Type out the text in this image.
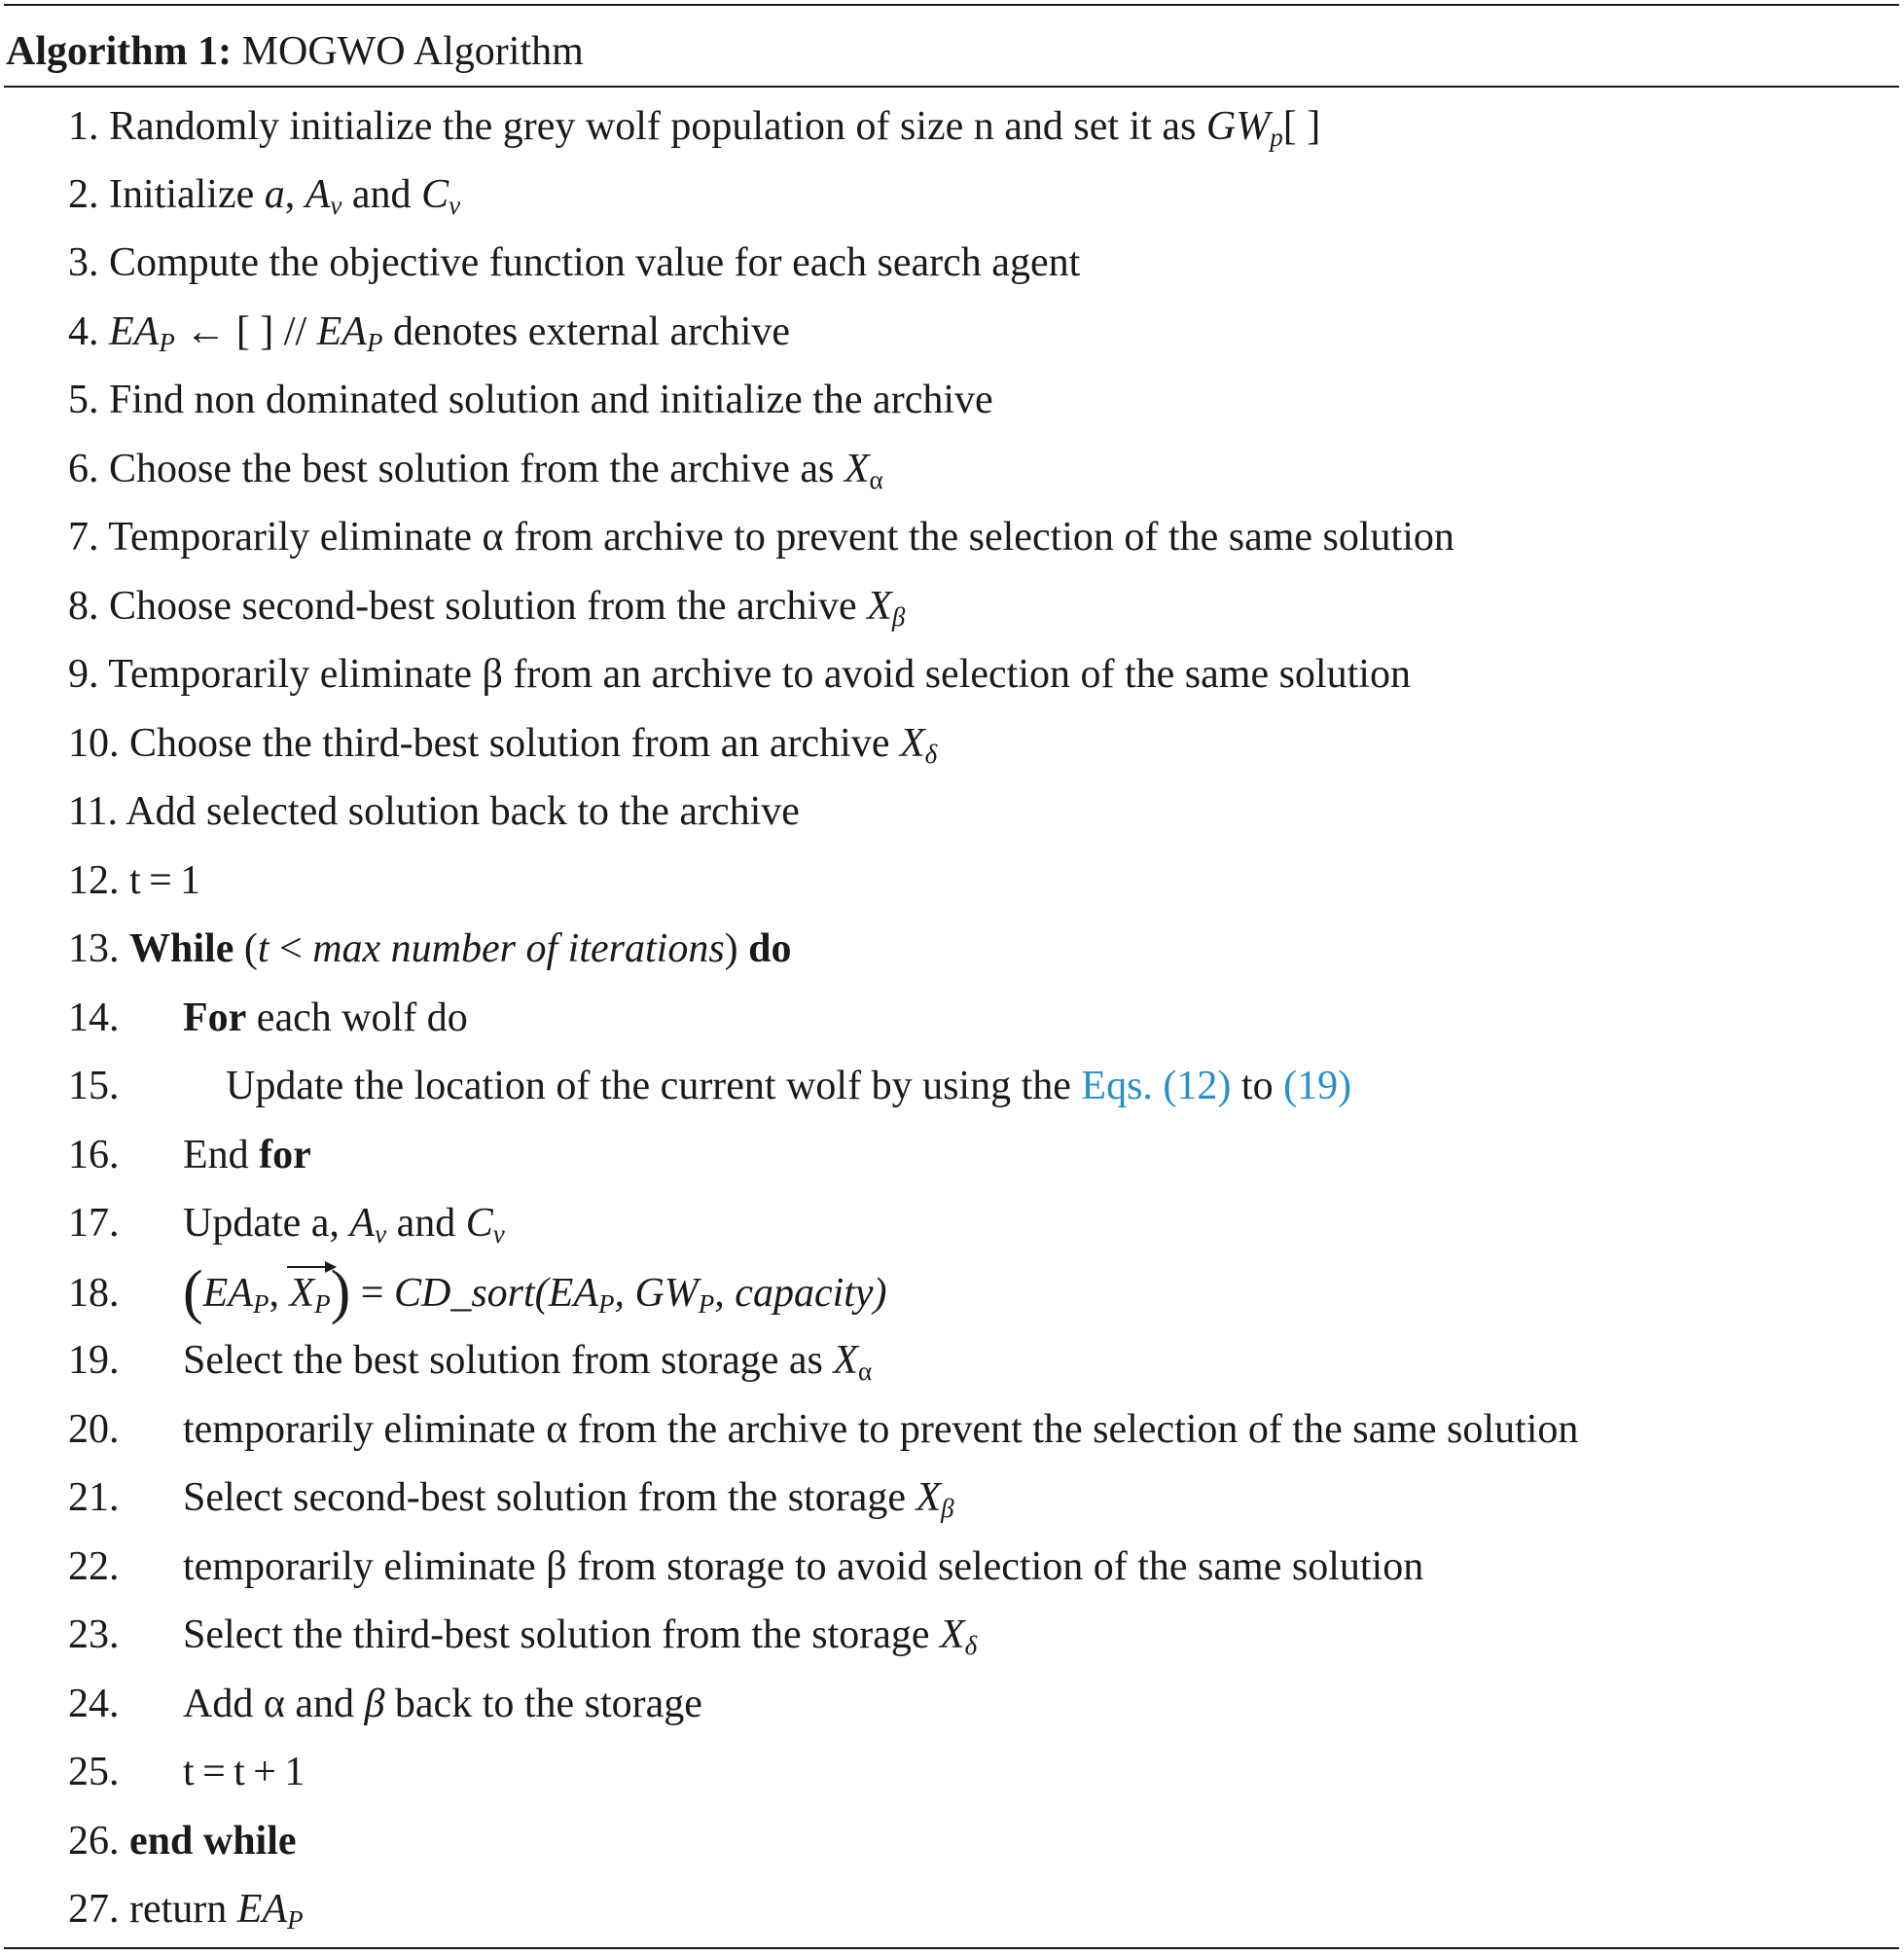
Algorithm 1: MOGWO Algorithm
1. Randomly initialize the grey wolf population of size n and set it as $GW_p$[ ]
2. Initialize a, $A_v$ and $C_v$
3. Compute the objective function value for each search agent
4. $EA_P$ ← [ ] // $EA_P$ denotes external archive
5. Find non dominated solution and initialize the archive
6. Choose the best solution from the archive as $X_\alpha$
7. Temporarily eliminate α from archive to prevent the selection of the same solution
8. Choose second-best solution from the archive $X_\beta$
9. Temporarily eliminate β from an archive to avoid selection of the same solution
10. Choose the third-best solution from an archive $X_\delta$
11. Add selected solution back to the archive
12. t = 1
13. While (t < max number of iterations) do
14. For each wolf do
15.	Update the location of the current wolf by using the Eqs. (12) to (19)
16. End for
17. Update a, $A_v$ and $C_v$
18. ($EA_P$, $X_P$) = $CD\_sort(EA_P$, $GW_P$, capacity)
19. Select the best solution from storage as $X_\alpha$
20. temporarily eliminate α from the archive to prevent the selection of the same solution
21. Select second-best solution from the storage $X_\beta$
22. temporarily eliminate β from storage to avoid selection of the same solution
23. Select the third-best solution from the storage $X_\delta$
24. Add α and β back to the storage
25. t = t + 1
26. end while
27. return $EA_P$
